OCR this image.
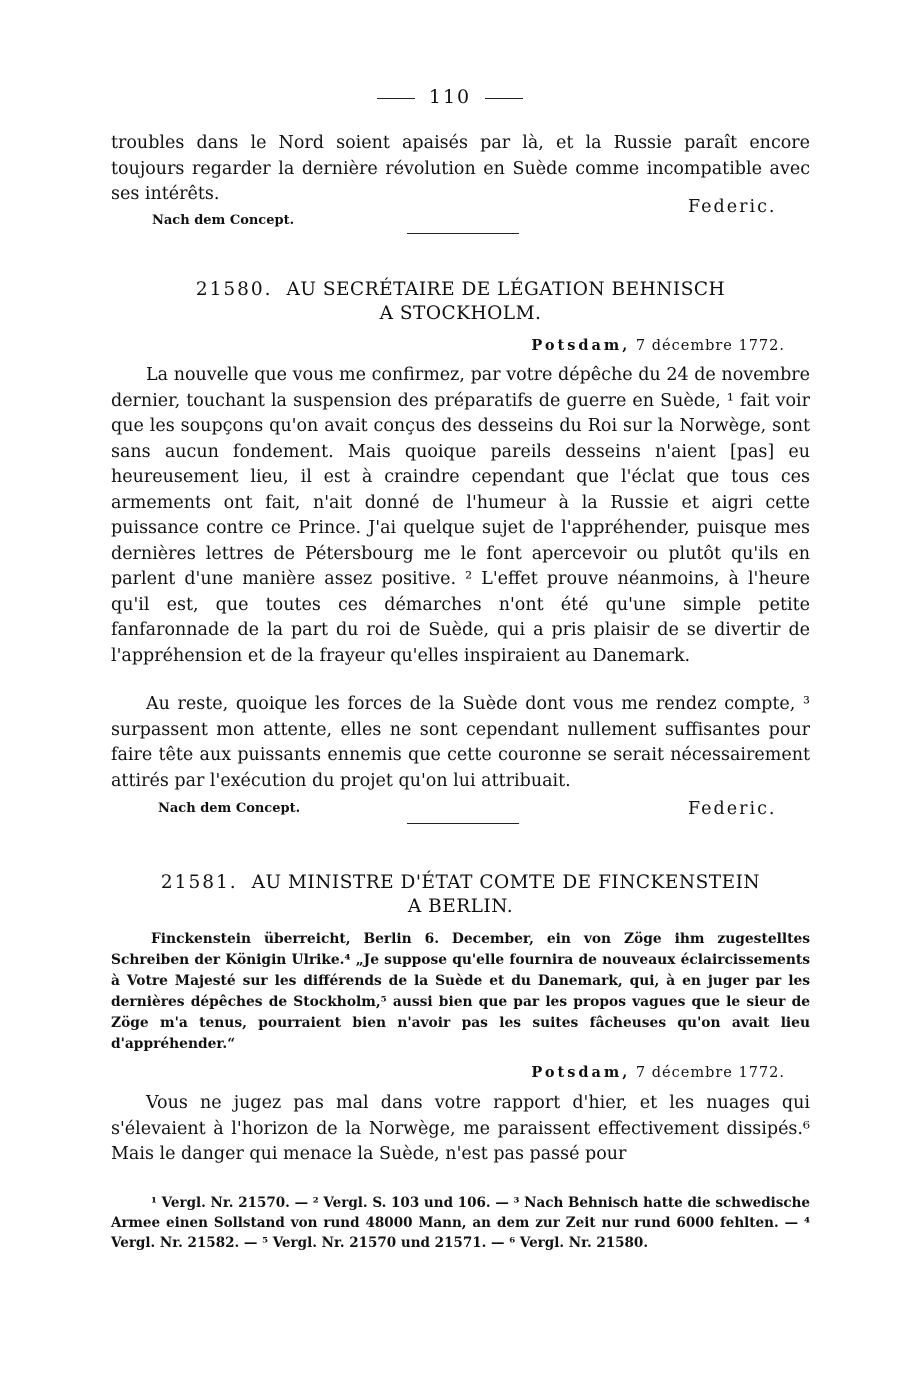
110
troubles dans le Nord soient apaisés par là, et la Russie paraît encore toujours regarder la dernière révolution en Suède comme incompatible avec ses intérêts.
Nach dem Concept.
Federic.
21580. AU SECRÉTAIRE DE LÉGATION BEHNISCH
A STOCKHOLM.
Potsdam, 7 décembre 1772.
La nouvelle que vous me confirmez, par votre dépêche du 24 de novembre dernier, touchant la suspension des préparatifs de guerre en Suède, ¹ fait voir que les soupçons qu'on avait conçus des desseins du Roi sur la Norwège, sont sans aucun fondement. Mais quoique pareils desseins n'aient [pas] eu heureusement lieu, il est à craindre cependant que l'éclat que tous ces armements ont fait, n'ait donné de l'humeur à la Russie et aigri cette puissance contre ce Prince. J'ai quelque sujet de l'appréhender, puisque mes dernières lettres de Pétersbourg me le font apercevoir ou plutôt qu'ils en parlent d'une manière assez positive. ² L'effet prouve néanmoins, à l'heure qu'il est, que toutes ces démarches n'ont été qu'une simple petite fanfaronnade de la part du roi de Suède, qui a pris plaisir de se divertir de l'appréhension et de la frayeur qu'elles inspiraient au Danemark.
Au reste, quoique les forces de la Suède dont vous me rendez compte, ³ surpassent mon attente, elles ne sont cependant nullement suffisantes pour faire tête aux puissants ennemis que cette couronne se serait nécessairement attirés par l'exécution du projet qu'on lui attribuait.
Nach dem Concept.	Federic.
21581. AU MINISTRE D'ÉTAT COMTE DE FINCKENSTEIN
A BERLIN.
Finckenstein überreicht, Berlin 6. December, ein von Zöge ihm zugestelltes Schreiben der Königin Ulrike.⁴ „Je suppose qu'elle fournira de nouveaux éclaircissements à Votre Majesté sur les différends de la Suède et du Danemark, qui, à en juger par les dernières dépêches de Stockholm,⁵ aussi bien que par les propos vagues que le sieur de Zöge m'a tenus, pourraient bien n'avoir pas les suites fâcheuses qu'on avait lieu d'appréhender.“
Potsdam, 7 décembre 1772.
Vous ne jugez pas mal dans votre rapport d'hier, et les nuages qui s'élevaient à l'horizon de la Norwège, me paraissent effectivement dissipés.⁶ Mais le danger qui menace la Suède, n'est pas passé pour
¹ Vergl. Nr. 21570. — ² Vergl. S. 103 und 106. — ³ Nach Behnisch hatte die schwedische Armee einen Sollstand von rund 48000 Mann, an dem zur Zeit nur rund 6000 fehlten. — ⁴ Vergl. Nr. 21582. — ⁵ Vergl. Nr. 21570 und 21571. — ⁶ Vergl. Nr. 21580.
